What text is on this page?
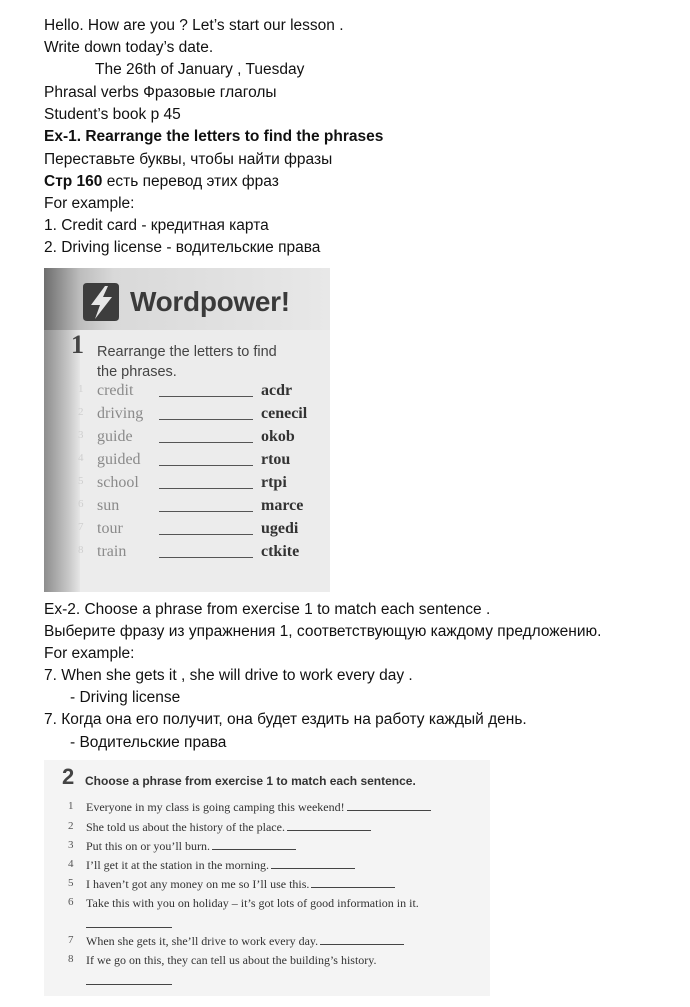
Hello. How are you ? Let’s start our lesson .
Write down today’s date.
The 26th of January , Tuesday
Phrasal verbs Фразовые глаголы
Student’s book p 45
Ex-1. Rearrange the letters to find the phrases
Переставьте буквы, чтобы найти фразы
Стр 160 есть перевод этих фраз
For example:
1. Credit card - кредитная карта
2. Driving license - водительские права
Wordpower!
1 Rearrange the letters to find
the phrases.
1 credit	acdr
2 driving	cenecil
3 guide	okob
4 guided	rtou
5 school	rtpi
6 sun	marce
7 tour	ugedi
8 train	ctkite
Ex-2. Choose a phrase from exercise 1 to match each sentence .
Выберите фразу из упражнения 1, соответствующую каждому предложению.
For example:
7. When she gets it , she will drive to work every day .
- Driving license
7. Когда она его получит, она будет ездить на работу каждый день.
- Водительские права
2 Choose a phrase from exercise 1 to match each sentence.
1 Everyone in my class is going camping this weekend!
2 She told us about the history of the place.
3 Put this on or you’ll burn.
4 I’ll get it at the station in the morning.
5 I haven’t got any money on me so I’ll use this.
6 Take this with you on holiday – it’s got lots of good information in it.
7 When she gets it, she’ll drive to work every day.
8 If we go on this, they can tell us about the building’s history.
